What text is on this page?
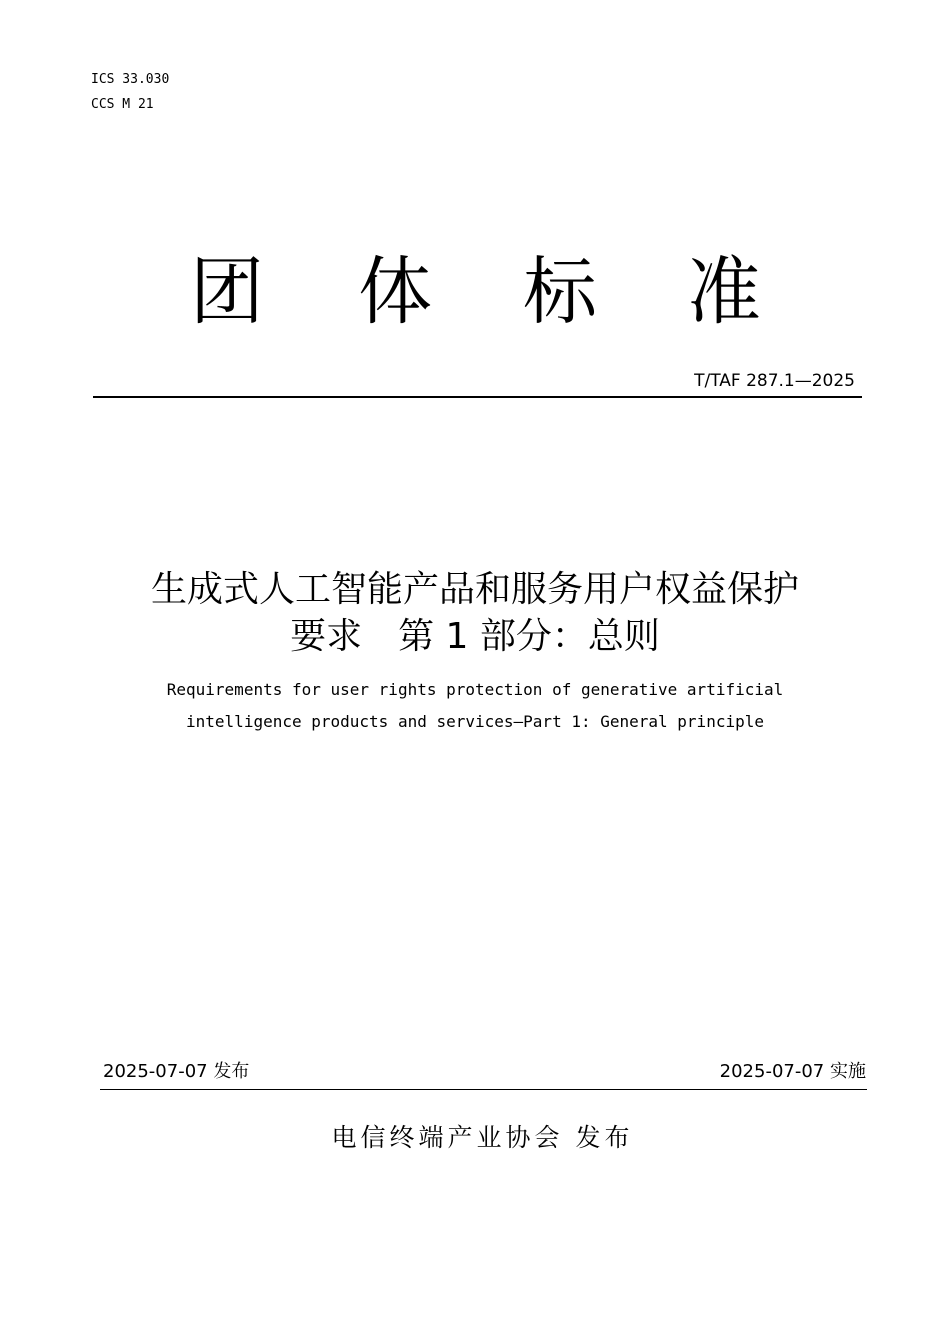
ICS 33.030
CCS M 21
团 体 标 准
T/TAF 287.1—2025
生成式人工智能产品和服务用户权益保护
要求　第 1 部分：总则
Requirements for user rights protection of generative artificial
intelligence products and services—Part 1: General principle
2025-07-07 发布	2025-07-07 实施
电信终端产业协会 发布
